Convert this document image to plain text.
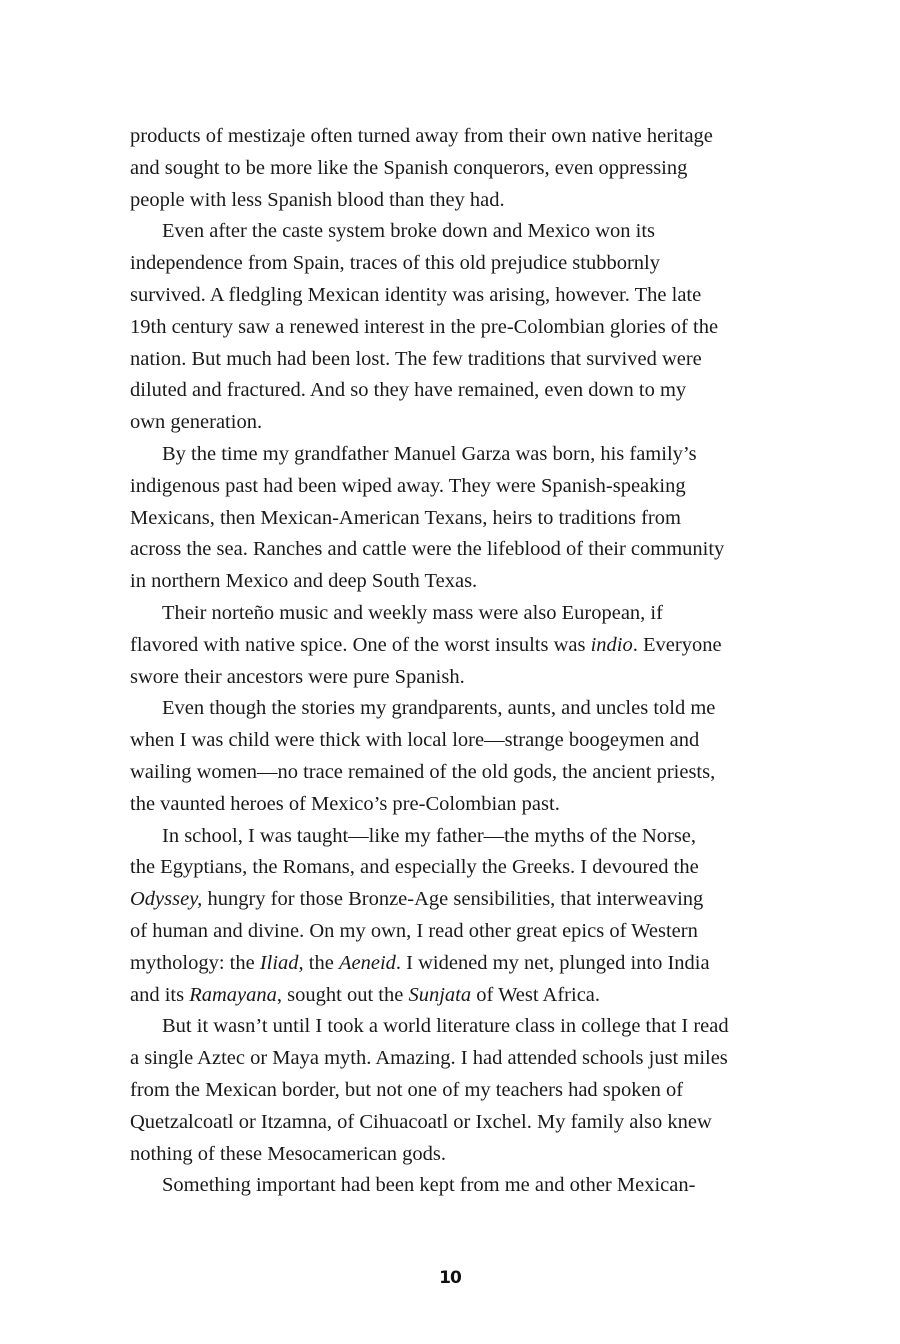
products of mestizaje often turned away from their own native heritage
and sought to be more like the Spanish conquerors, even oppressing
people with less Spanish blood than they had.

Even after the caste system broke down and Mexico won its
independence from Spain, traces of this old prejudice stubbornly
survived. A fledgling Mexican identity was arising, however. The late
19th century saw a renewed interest in the pre-Colombian glories of the
nation. But much had been lost. The few traditions that survived were
diluted and fractured. And so they have remained, even down to my
own generation.

By the time my grandfather Manuel Garza was born, his family’s
indigenous past had been wiped away. They were Spanish-speaking
Mexicans, then Mexican-American Texans, heirs to traditions from
across the sea. Ranches and cattle were the lifeblood of their community
in northern Mexico and deep South Texas.

Their norteño music and weekly mass were also European, if
flavored with native spice. One of the worst insults was indio. Everyone
swore their ancestors were pure Spanish.

Even though the stories my grandparents, aunts, and uncles told me
when I was child were thick with local lore—strange boogeymen and
wailing women—no trace remained of the old gods, the ancient priests,
the vaunted heroes of Mexico’s pre-Colombian past.

In school, I was taught—like my father—the myths of the Norse,
the Egyptians, the Romans, and especially the Greeks. I devoured the
Odyssey, hungry for those Bronze-Age sensibilities, that interweaving
of human and divine. On my own, I read other great epics of Western
mythology: the Iliad, the Aeneid. I widened my net, plunged into India
and its Ramayana, sought out the Sunjata of West Africa.

But it wasn’t until I took a world literature class in college that I read
a single Aztec or Maya myth. Amazing. I had attended schools just miles
from the Mexican border, but not one of my teachers had spoken of
Quetzalcoatl or Itzamna, of Cihuacoatl or Ixchel. My family also knew
nothing of these Mesocamerican gods.

Something important had been kept from me and other Mexican-

10
